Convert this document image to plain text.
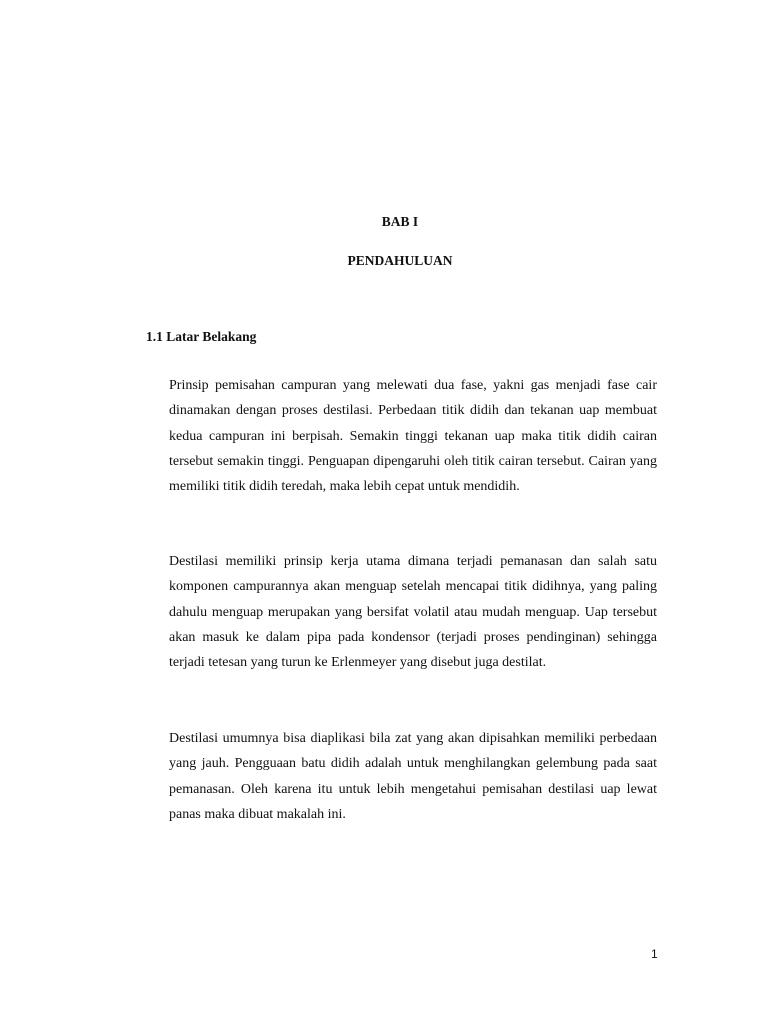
BAB I
PENDAHULUAN
1.1 Latar Belakang

Prinsip pemisahan campuran yang melewati dua fase, yakni gas menjadi fase cair dinamakan dengan proses destilasi. Perbedaan titik didih dan tekanan uap membuat kedua campuran ini berpisah. Semakin tinggi tekanan uap maka titik didih cairan tersebut semakin tinggi. Penguapan dipengaruhi oleh titik cairan tersebut. Cairan yang memiliki titik didih teredah, maka lebih cepat untuk mendidih.

Destilasi memiliki prinsip kerja utama dimana terjadi pemanasan dan salah satu komponen campurannya akan menguap setelah mencapai titik didihnya, yang paling dahulu menguap merupakan yang bersifat volatil atau mudah menguap. Uap tersebut akan masuk ke dalam pipa pada kondensor (terjadi proses pendinginan) sehingga terjadi tetesan yang turun ke Erlenmeyer yang disebut juga destilat.

Destilasi umumnya bisa diaplikasi bila zat yang akan dipisahkan memiliki perbedaan yang jauh. Pengguaan batu didih adalah untuk menghilangkan gelembung pada saat pemanasan. Oleh karena itu untuk lebih mengetahui pemisahan destilasi uap lewat panas maka dibuat makalah ini.

1
